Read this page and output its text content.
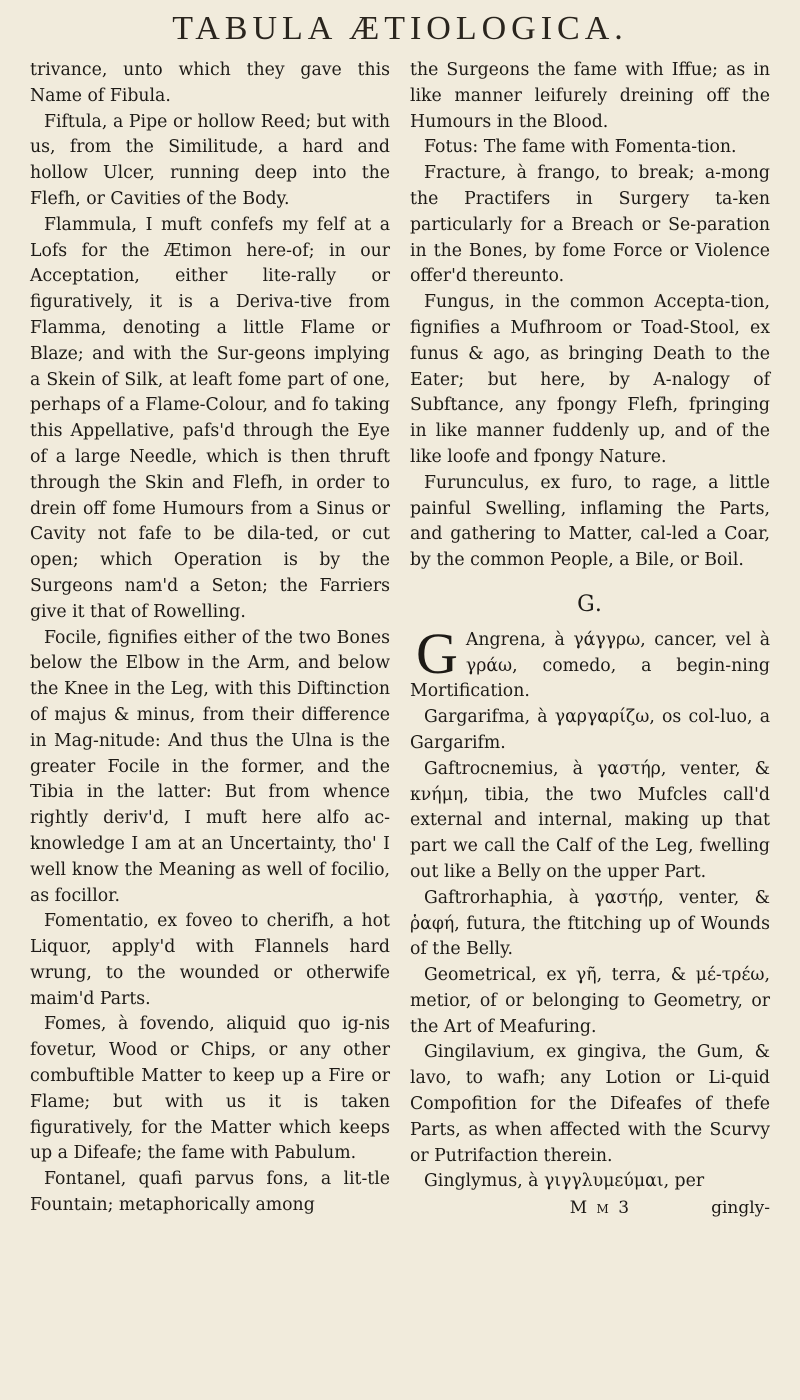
TABULA ÆTIOLOGICA.

trivance, unto which they gave this Name of Fibula.

Fiftula, a Pipe or hollow Reed; but with us, from the Similitude, a hard and hollow Ulcer, running deep into the Flefh, or Cavities of the Body.

Flammula, I muft confefs my felf at a Lofs for the Ætimon here-of; in our Acceptation, either lite-rally or figuratively, it is a Deriva-tive from Flamma, denoting a little Flame or Blaze; and with the Sur-geons implying a Skein of Silk, at leaft fome part of one, perhaps of a Flame-Colour, and fo taking this Appellative, pafs'd through the Eye of a large Needle, which is then thruft through the Skin and Flefh, in order to drein off fome Humours from a Sinus or Cavity not fafe to be dila-ted, or cut open; which Operation is by the Surgeons nam'd a Seton; the Farriers give it that of Rowelling.

Focile, fignifies either of the two Bones below the Elbow in the Arm, and below the Knee in the Leg, with this Diftinction of majus & minus, from their difference in Mag-nitude: And thus the Ulna is the greater Focile in the former, and the Tibia in the latter: But from whence rightly deriv'd, I muft here alfo ac-knowledge I am at an Uncertainty, tho' I well know the Meaning as well of focilio, as focillor.

Fomentatio, ex foveo to cherifh, a hot Liquor, apply'd with Flannels hard wrung, to the wounded or otherwife maim'd Parts.

Fomes, à fovendo, aliquid quo ig-nis fovetur, Wood or Chips, or any other combuftible Matter to keep up a Fire or Flame; but with us it is taken figuratively, for the Matter which keeps up a Difeafe; the fame with Pabulum.

Fontanel, quafi parvus fons, a lit-tle Fountain; metaphorically among

the Surgeons the fame with Iffue; as in like manner leifurely dreining off the Humours in the Blood.

Fotus: The fame with Fomenta-tion.

Fracture, à frango, to break; a-mong the Practifers in Surgery ta-ken particularly for a Breach or Se-paration in the Bones, by fome Force or Violence offer'd thereunto.

Fungus, in the common Accepta-tion, fignifies a Mufhroom or Toad-Stool, ex funus & ago, as bringing Death to the Eater; but here, by A-nalogy of Subftance, any fpongy Flefh, fpringing in like manner fuddenly up, and of the like loofe and fpongy Nature.

Furunculus, ex furo, to rage, a little painful Swelling, inflaming the Parts, and gathering to Matter, cal-led a Coar, by the common People, a Bile, or Boil.

G.

G Angrena, à γάγγρω, cancer, vel à γράω, comedo, a begin-ning Mortification.

Gargarifma, à γαργαρίζω, os col-luo, a Gargarifm.

Gaftrocnemius, à γαστήρ, venter, & κνήμη, tibia, the two Mufcles call'd external and internal, making up that part we call the Calf of the Leg, fwelling out like a Belly on the upper Part.

Gaftrorhaphia, à γαστήρ, venter, & ῥαφή, futura, the ftitching up of Wounds of the Belly.

Geometrical, ex γῆ, terra, & μέ-τρέω, metior, of or belonging to Geometry, or the Art of Meafuring.

Gingilavium, ex gingiva, the Gum, & lavo, to wafh; any Lotion or Li-quid Compofition for the Difeafes of thefe Parts, as when affected with the Scurvy or Putrifaction therein.

Ginglymus, à γιγγλυμεύμαι, per

M m 3	gingly-
